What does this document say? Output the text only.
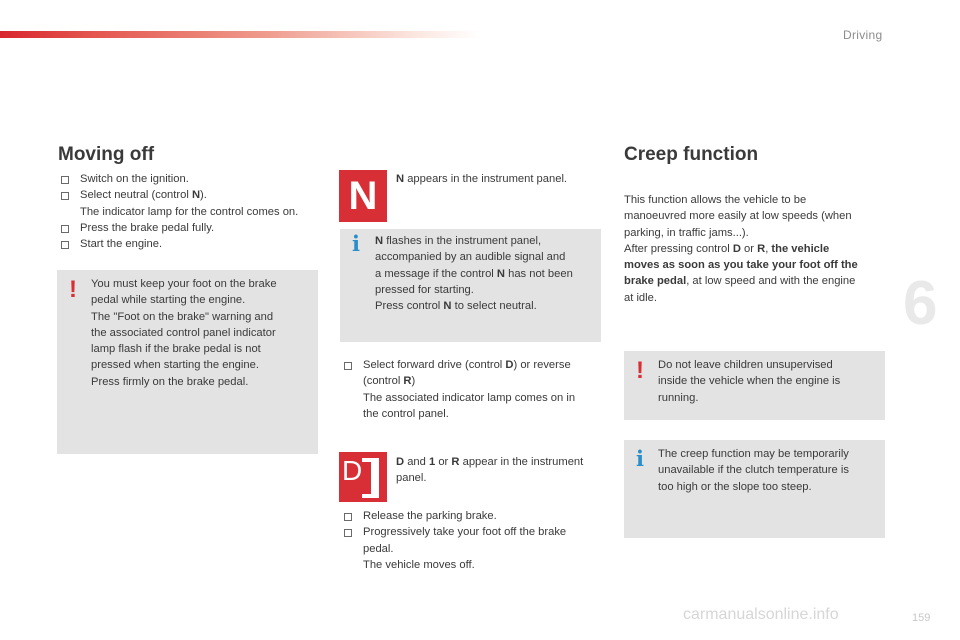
Driving
6
159
carmanualsonline.info
Moving off
Switch on the ignition.
Select neutral (control N).
The indicator lamp for the control comes on.
Press the brake pedal fully.
Start the engine.
! You must keep your foot on the brake
pedal while starting the engine.
The "Foot on the brake" warning and
the associated control panel indicator
lamp flash if the brake pedal is not
pressed when starting the engine.
Press firmly on the brake pedal.
N	N appears in the instrument panel.
i N flashes in the instrument panel,
accompanied by an audible signal and
a message if the control N has not been
pressed for starting.
Press control N to select neutral.
Select forward drive (control D) or reverse
(control R)
The associated indicator lamp comes on in
the control panel.
D	D and 1 or R appear in the instrument
panel.
Release the parking brake.
Progressively take your foot off the brake
pedal.
The vehicle moves off.
Creep function
This function allows the vehicle to be
manoeuvred more easily at low speeds (when
parking, in traffic jams...).
After pressing control D or R, the vehicle
moves as soon as you take your foot off the
brake pedal, at low speed and with the engine
at idle.
! Do not leave children unsupervised
inside the vehicle when the engine is
running.
i The creep function may be temporarily
unavailable if the clutch temperature is
too high or the slope too steep.
